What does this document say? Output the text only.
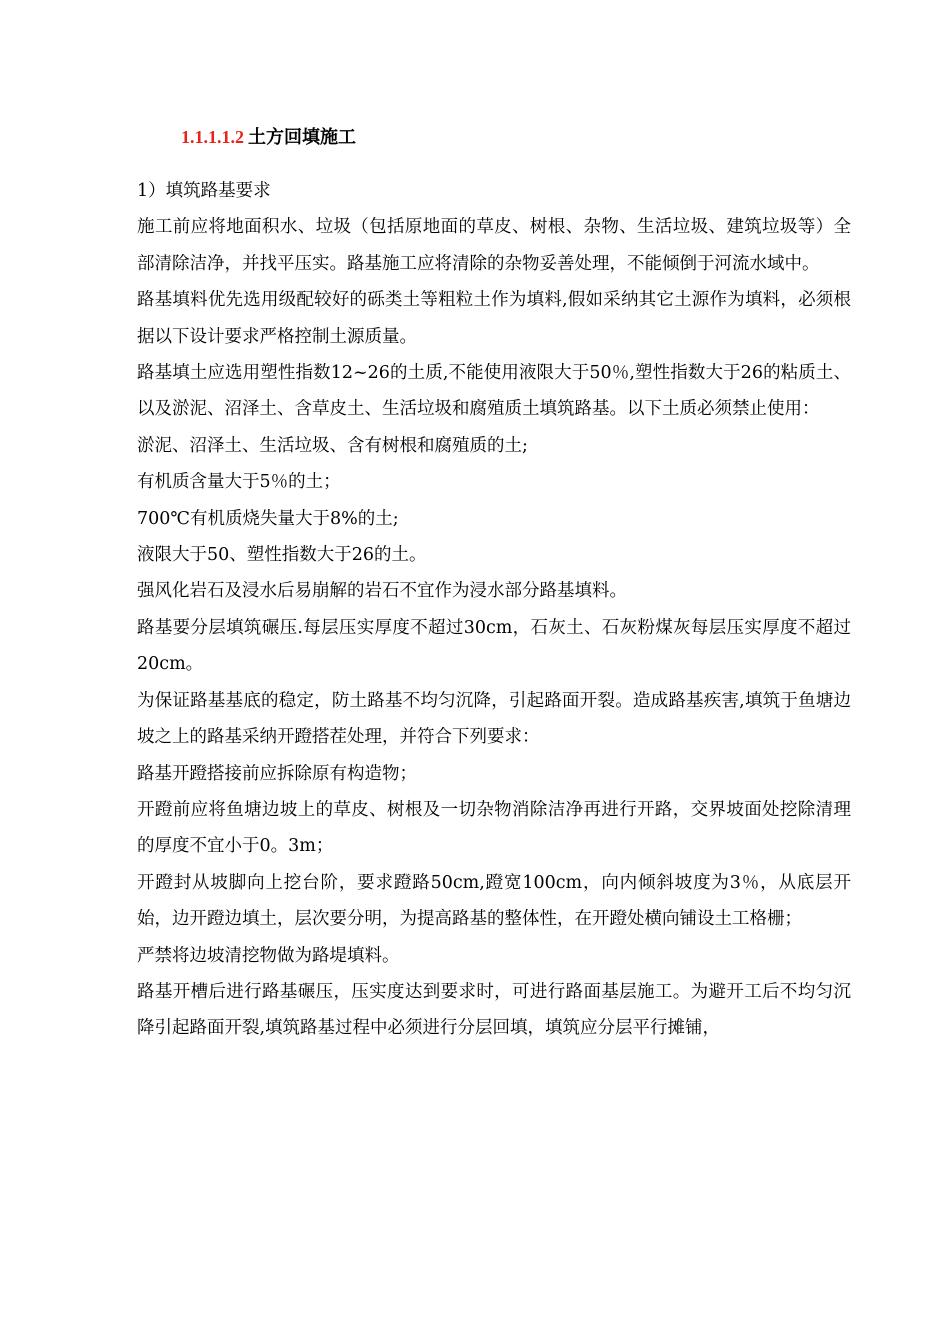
1.1.1.1.2 土方回填施工

1）填筑路基要求

施工前应将地面积水、垃圾（包括原地面的草皮、树根、杂物、生活垃圾、建筑垃圾等）全部清除洁净，并找平压实。路基施工应将清除的杂物妥善处理，不能倾倒于河流水域中。

路基填料优先选用级配较好的砾类土等粗粒土作为填料,假如采纳其它土源作为填料，必须根据以下设计要求严格控制土源质量。

路基填土应选用塑性指数12~26的土质,不能使用液限大于50％,塑性指数大于26的粘质土、以及淤泥、沼泽土、含草皮土、生活垃圾和腐殖质土填筑路基。以下土质必须禁止使用：

淤泥、沼泽土、生活垃圾、含有树根和腐殖质的土;

有机质含量大于5％的土；

700℃有机质烧失量大于8%的土;

液限大于50、塑性指数大于26的土。

强风化岩石及浸水后易崩解的岩石不宜作为浸水部分路基填料。

路基要分层填筑碾压.每层压实厚度不超过30cm，石灰土、石灰粉煤灰每层压实厚度不超过20cm。

为保证路基基底的稳定，防土路基不均匀沉降，引起路面开裂。造成路基疾害,填筑于鱼塘边坡之上的路基采纳开蹬搭茬处理，并符合下列要求：

路基开蹬搭接前应拆除原有构造物；

开蹬前应将鱼塘边坡上的草皮、树根及一切杂物消除洁净再进行开路，交界坡面处挖除清理的厚度不宜小于0。3m；

开蹬封从坡脚向上挖台阶，要求蹬路50cm,蹬宽100cm，向内倾斜坡度为3％，从底层开始，边开蹬边填土，层次要分明，为提高路基的整体性，在开蹬处横向铺设土工格栅；

严禁将边坡清挖物做为路堤填料。

路基开槽后进行路基碾压，压实度达到要求时，可进行路面基层施工。为避开工后不均匀沉降引起路面开裂,填筑路基过程中必须进行分层回填，填筑应分层平行摊铺，
